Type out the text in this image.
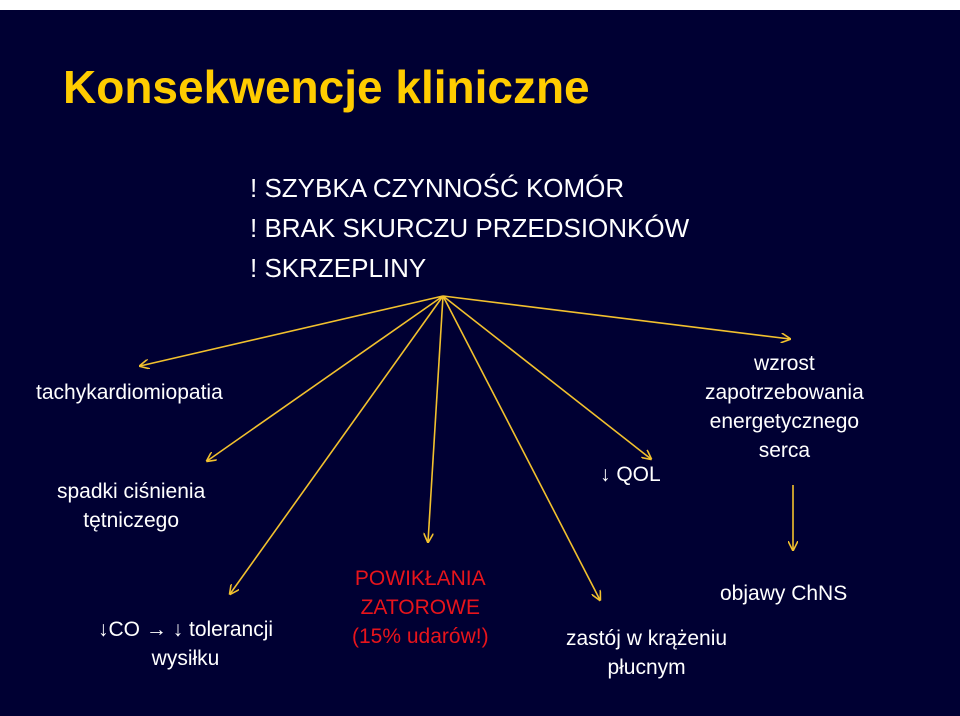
Konsekwencje kliniczne
! SZYBKA CZYNNOŚĆ KOMÓR
! BRAK SKURCZU PRZEDSIONKÓW
! SKRZEPLINY
tachykardiomiopatia
spadki ciśnienia
tętniczego
↓ QOL
wzrost
zapotrzebowania
energetycznego
serca
↓CO → ↓ tolerancji
wysiłku
POWIKŁANIA
ZATOROWE
(15% udarów!)	zastój w krążeniu
płucnym
objawy ChNS
